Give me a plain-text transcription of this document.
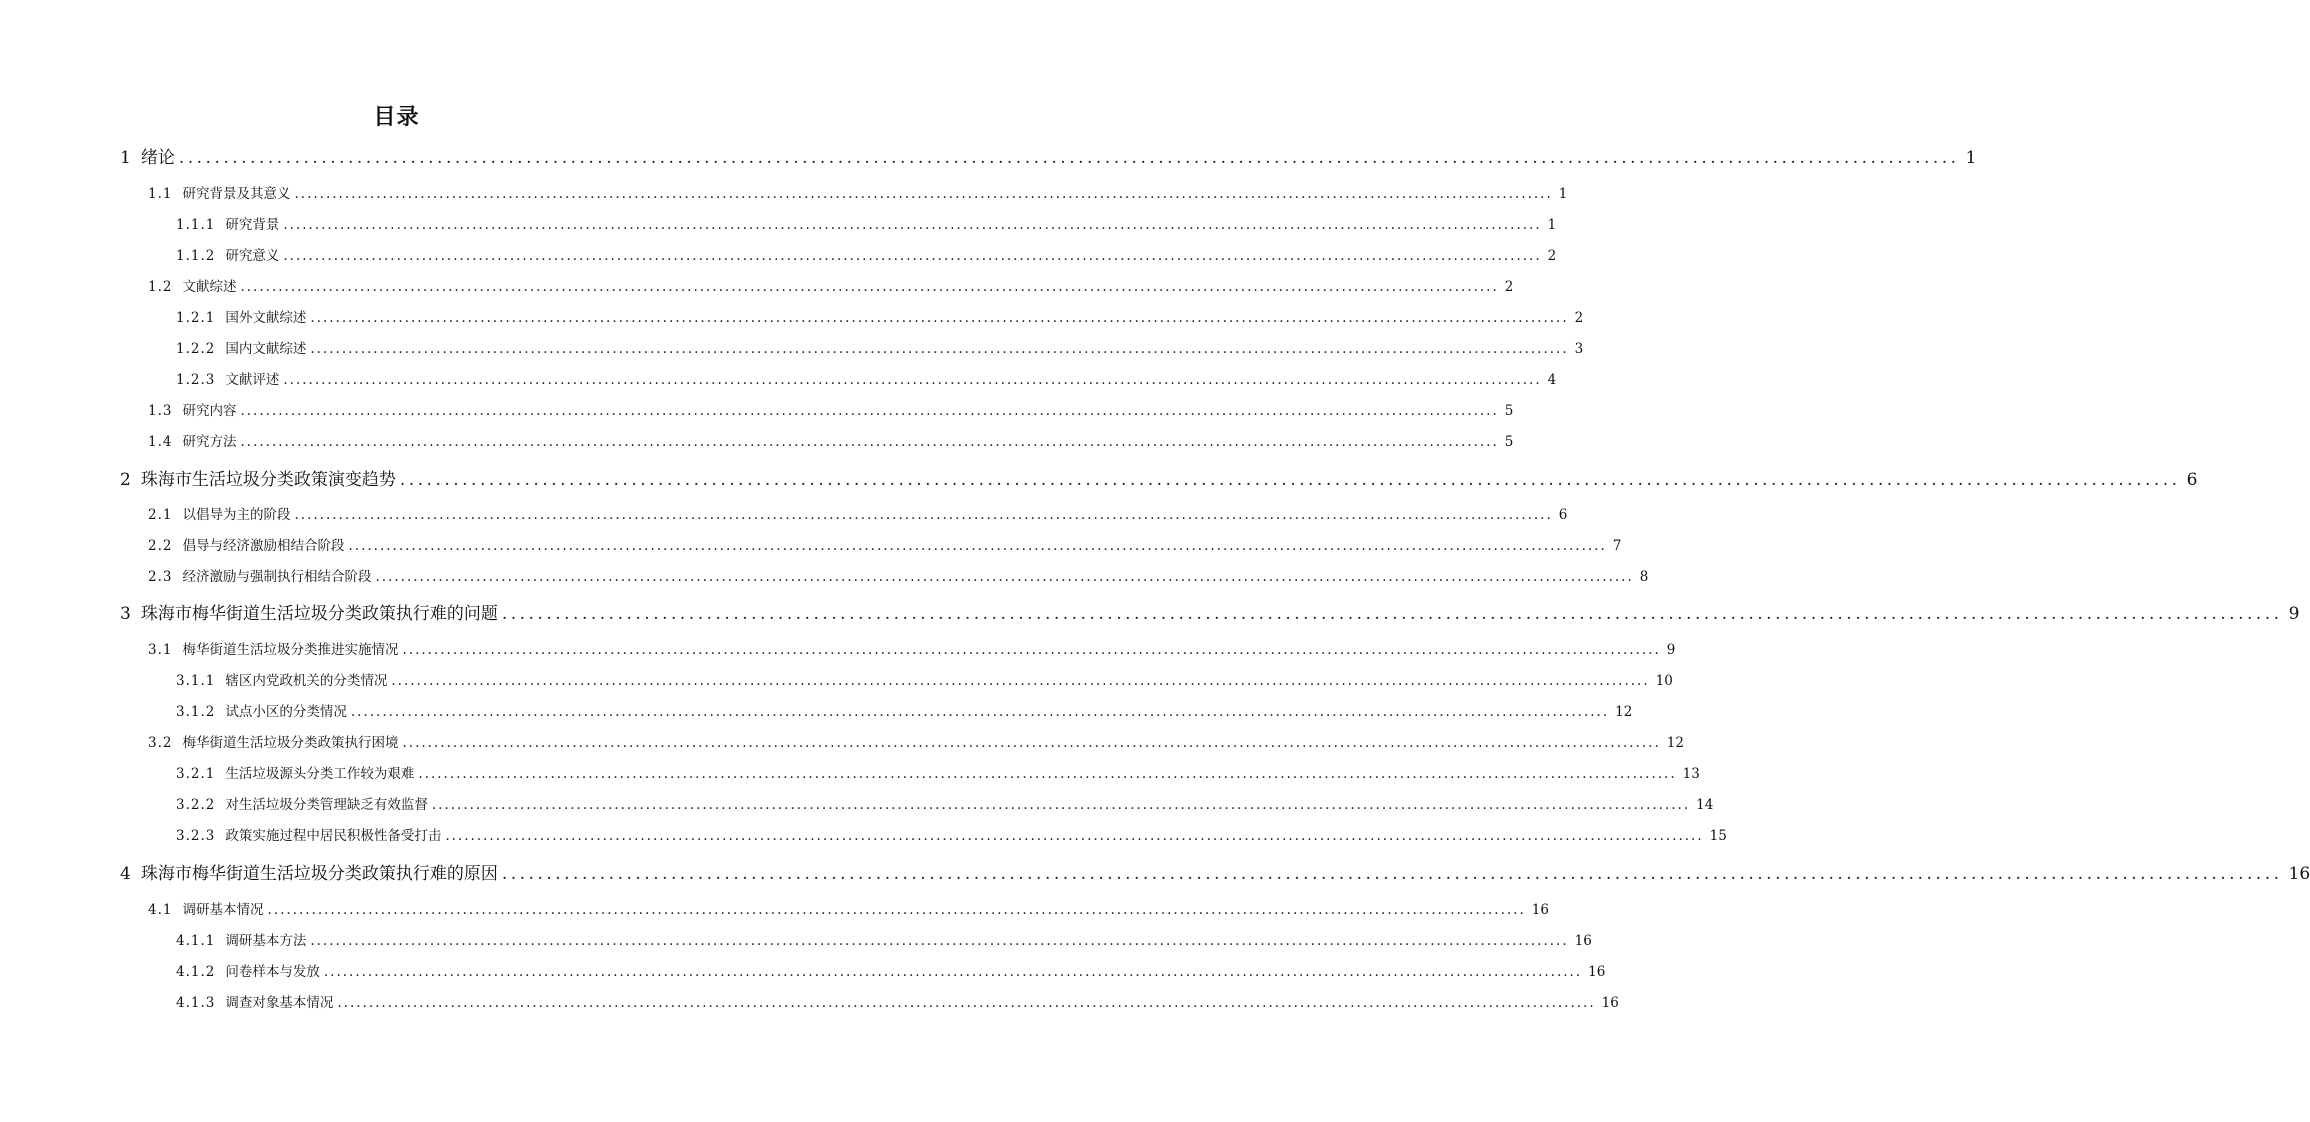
目录
1 绪论 ........................................................................................................................................................................................................ 1
1.1 研究背景及其意义 ........................................................................................................................................................................................................ 1
1.1.1 研究背景 ........................................................................................................................................................................................................ 1
1.1.2 研究意义 ........................................................................................................................................................................................................ 2
1.2 文献综述 ........................................................................................................................................................................................................ 2
1.2.1 国外文献综述 ........................................................................................................................................................................................................ 2
1.2.2 国内文献综述 ........................................................................................................................................................................................................ 3
1.2.3 文献评述 ........................................................................................................................................................................................................ 4
1.3 研究内容 ........................................................................................................................................................................................................ 5
1.4 研究方法 ........................................................................................................................................................................................................ 5
2 珠海市生活垃圾分类政策演变趋势 ........................................................................................................................................................................................................ 6
2.1 以倡导为主的阶段 ........................................................................................................................................................................................................ 6
2.2 倡导与经济激励相结合阶段 ........................................................................................................................................................................................................ 7
2.3 经济激励与强制执行相结合阶段 ........................................................................................................................................................................................................ 8
3 珠海市梅华街道生活垃圾分类政策执行难的问题 ........................................................................................................................................................................................................ 9
3.1 梅华街道生活垃圾分类推进实施情况 ........................................................................................................................................................................................................ 9
3.1.1 辖区内党政机关的分类情况 ........................................................................................................................................................................................................ 10
3.1.2 试点小区的分类情况 ........................................................................................................................................................................................................ 12
3.2 梅华街道生活垃圾分类政策执行困境 ........................................................................................................................................................................................................ 12
3.2.1 生活垃圾源头分类工作较为艰难 ........................................................................................................................................................................................................ 13
3.2.2 对生活垃圾分类管理缺乏有效监督 ........................................................................................................................................................................................................ 14
3.2.3 政策实施过程中居民积极性备受打击 ........................................................................................................................................................................................................ 15
4 珠海市梅华街道生活垃圾分类政策执行难的原因 ........................................................................................................................................................................................................ 16
4.1 调研基本情况 ........................................................................................................................................................................................................ 16
4.1.1 调研基本方法 ........................................................................................................................................................................................................ 16
4.1.2 问卷样本与发放 ........................................................................................................................................................................................................ 16
4.1.3 调查对象基本情况 ........................................................................................................................................................................................................ 16
